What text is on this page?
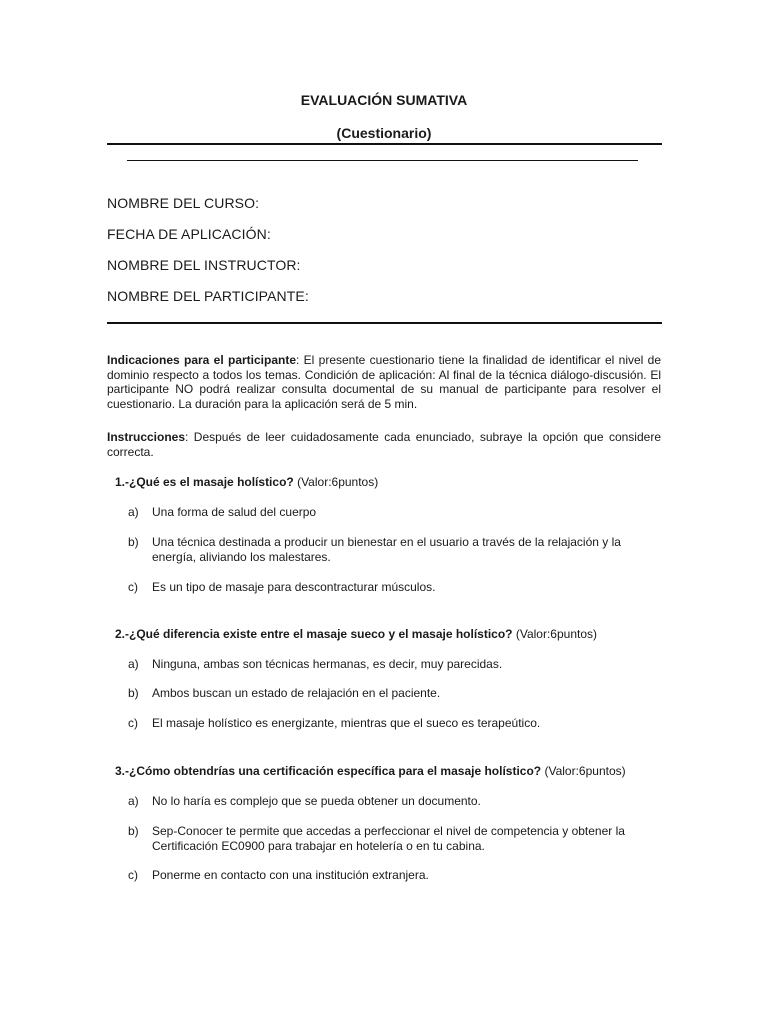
EVALUACIÓN SUMATIVA
(Cuestionario)
NOMBRE DEL CURSO:
FECHA DE APLICACIÓN:
NOMBRE DEL INSTRUCTOR:
NOMBRE DEL PARTICIPANTE:
Indicaciones para el participante: El presente cuestionario tiene la finalidad de identificar el nivel de dominio respecto a todos los temas. Condición de aplicación: Al final de la técnica diálogo-discusión. El participante NO podrá realizar consulta documental de su manual de participante para resolver el cuestionario. La duración para la aplicación será de 5 min.
Instrucciones: Después de leer cuidadosamente cada enunciado, subraye la opción que considere correcta.
1.-¿Qué es el masaje holístico? (Valor:6puntos)
a)	Una forma de salud del cuerpo
b)	Una técnica destinada a producir un bienestar en el usuario a través de la relajación y la energía, aliviando los malestares.
c)	Es un tipo de masaje para descontracturar músculos.
2.-¿Qué diferencia existe entre el masaje sueco y el masaje holístico? (Valor:6puntos)
a)	Ninguna, ambas son técnicas hermanas, es decir, muy parecidas.
b)	Ambos buscan un estado de relajación en el paciente.
c)	El masaje holístico es energizante, mientras que el sueco es terapeútico.
3.-¿Cómo obtendrías una certificación específica para el masaje holístico? (Valor:6puntos)
a)	No lo haría es complejo que se pueda obtener un documento.
b)	Sep-Conocer te permite que accedas a perfeccionar el nivel de competencia y obtener la Certificación EC0900 para trabajar en hotelería o en tu cabina.
c)	Ponerme en contacto con una institución extranjera.
